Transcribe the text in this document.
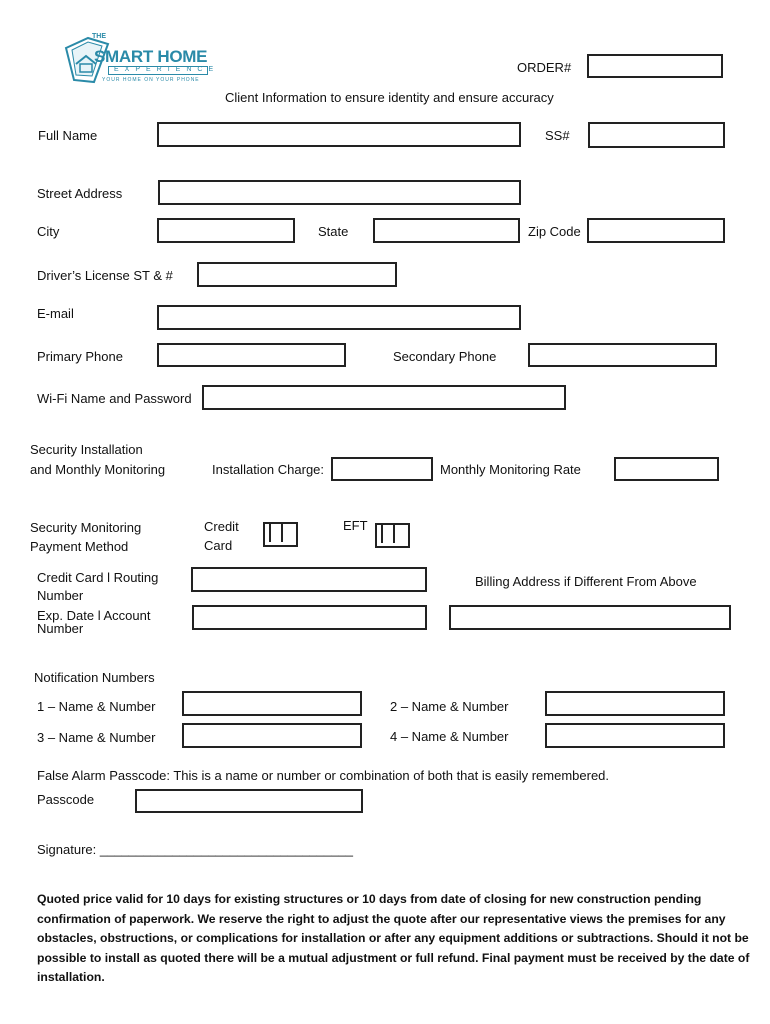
THE
SMART HOME
EXPERIENCE
YOUR HOME ON YOUR PHONE
ORDER#
Client Information to ensure identity and ensure accuracy
Full Name	SS#
Street Address
City	State	Zip Code
Driver’s License ST & #
E-mail
Primary Phone	Secondary Phone
Wi-Fi Name and Password
Security Installation
and Monthly Monitoring	Installation Charge:	Monthly Monitoring Rate
Security Monitoring
Payment Method
Credit
Card
EFT
Credit Card l Routing
Number
Billing Address if Different From Above
Exp. Date l Account
Number
Notification Numbers
1 – Name & Number	2 – Name & Number
3 – Name & Number	4 – Name & Number
False Alarm Passcode: This is a name or number or combination of both that is easily remembered.
Passcode
Signature: ___________________________________
Quoted price valid for 10 days for existing structures or 10 days from date of closing for new construction pending confirmation of paperwork. We reserve the right to adjust the quote after our representative views the premises for any obstacles, obstructions, or complications for installation or after any equipment additions or subtractions. Should it not be possible to install as quoted there will be a mutual adjustment or full refund. Final payment must be received by the date of installation.
